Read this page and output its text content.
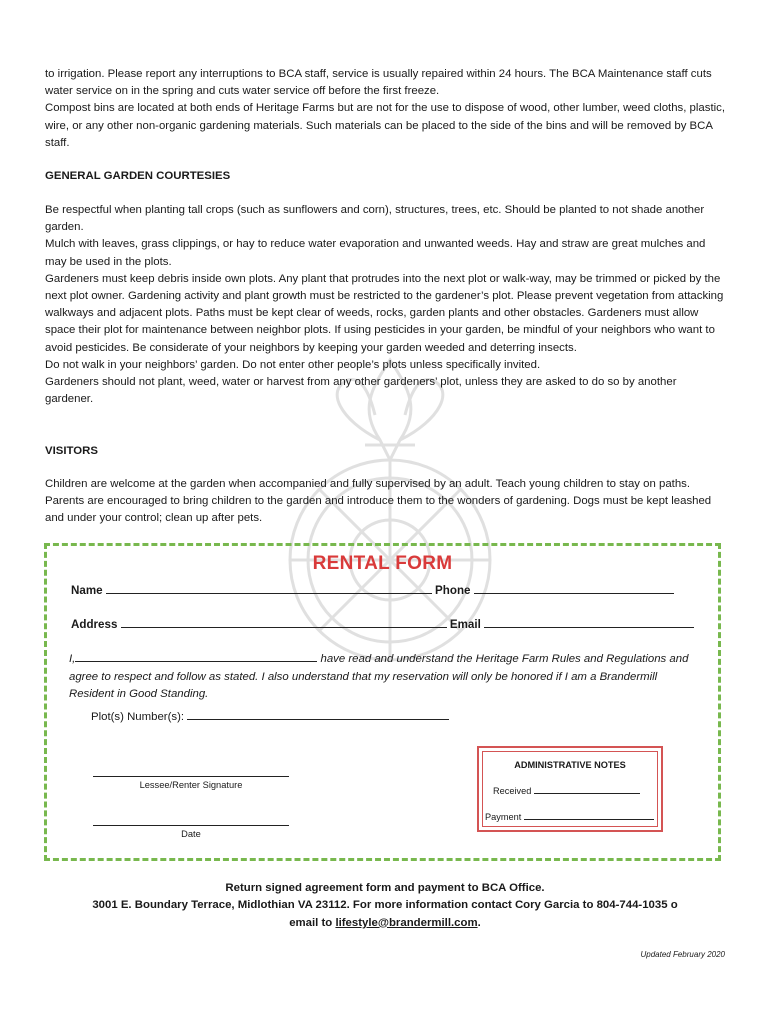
to irrigation. Please report any interruptions to BCA staff, service is usually repaired within 24 hours. The BCA Maintenance staff cuts water service on in the spring and cuts water service off before the first freeze.

Compost bins are located at both ends of Heritage Farms but are not for the use to dispose of wood, other lumber, weed cloths, plastic, wire, or any other non-organic gardening materials. Such materials can be placed to the side of the bins and will be removed by BCA staff.

GENERAL GARDEN COURTESIES

Be respectful when planting tall crops (such as sunflowers and corn), structures, trees, etc. Should be planted to not shade another garden.

Mulch with leaves, grass clippings, or hay to reduce water evaporation and unwanted weeds. Hay and straw are great mulches and may be used in the plots.

Gardeners must keep debris inside own plots. Any plant that protrudes into the next plot or walk-way, may be trimmed or picked by the next plot owner. Gardening activity and plant growth must be restricted to the gardener’s plot. Please prevent vegetation from attacking walkways and adjacent plots. Paths must be kept clear of weeds, rocks, garden plants and other obstacles. Gardeners must allow space their plot for maintenance between neighbor plots. If using pesticides in your garden, be mindful of your neighbors who want to avoid pesticides. Be considerate of your neighbors by keeping your garden weeded and deterring insects.

Do not walk in your neighbors’ garden. Do not enter other people’s plots unless specifically invited.

Gardeners should not plant, weed, water or harvest from any other gardeners’ plot, unless they are asked to do so by another gardener.

VISITORS

Children are welcome at the garden when accompanied and fully supervised by an adult. Teach young children to stay on paths. Parents are encouraged to bring children to the garden and introduce them to the wonders of gardening. Dogs must be kept leashed and under your control; clean up after pets.

RENTAL FORM
Name	Phone
Address	Email
I,	have read and understand the Heritage Farm Rules and Regulations and agree to respect and follow as stated. I also understand that my reservation will only be honored if I am a Brandermill Resident in Good Standing.
Plot(s) Number(s):
Lessee/Renter Signature
Date
ADMINISTRATIVE NOTES
Received
Payment
Return signed agreement form and payment to BCA Office.
3001 E. Boundary Terrace, Midlothian VA 23112. For more information contact Cory Garcia to 804-744-1035 o
email to lifestyle@brandermill.com.
Updated February 2020
